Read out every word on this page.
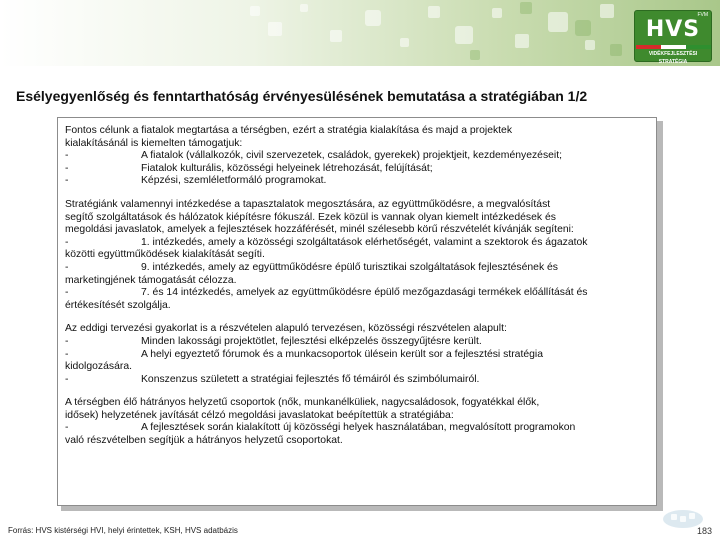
FVM
HVS
VIDÉKFEJLESZTÉSI STRATÉGIA
Esélyegyenlőség és fenntarthatóság érvényesülésének bemutatása a stratégiában 1/2
Fontos célunk a fiatalok megtartása a térségben, ezért a stratégia kialakítása és majd a projektek
kialakításánál is kiemelten támogatjuk:
-	A fiatalok (vállalkozók, civil szervezetek, családok, gyerekek) projektjeit, kezdeményezéseit;
-	Fiatalok kulturális, közösségi helyeinek létrehozását, felújítását;
-	Képzési, szemléletformáló programokat.
Stratégiánk valamennyi intézkedése a tapasztalatok megosztására, az együttműködésre, a megvalósítást
segítő szolgáltatások és hálózatok kiépítésre fókuszál. Ezek közül is vannak olyan kiemelt intézkedések és
megoldási javaslatok, amelyek a fejlesztések hozzáférését, minél szélesebb körű részvételét kívánják segíteni:
-	1. intézkedés, amely a közösségi szolgáltatások elérhetőségét, valamint a szektorok és ágazatok
közötti együttműködések kialakítását segíti.
-	9. intézkedés, amely az együttműködésre épülő turisztikai szolgáltatások fejlesztésének és
marketingjének támogatását célozza.
-	7. és 14 intézkedés, amelyek az együttműködésre épülő mezőgazdasági termékek előállítását és
értékesítését szolgálja.
Az eddigi tervezési gyakorlat is a részvételen alapuló tervezésen, közösségi részvételen alapult:
-	Minden lakossági projektötlet, fejlesztési elképzelés összegyűjtésre került.
-	A helyi egyeztető fórumok és a munkacsoportok ülésein került sor a fejlesztési stratégia
kidolgozására.
-	Konszenzus született a stratégiai fejlesztés fő témáiról és szimbólumairól.
A térségben élő hátrányos helyzetű csoportok (nők, munkanélküliek, nagycsaládosok, fogyatékkal élők,
idősek) helyzetének javítását célzó megoldási javaslatokat beépítettük a stratégiába:
-	A fejlesztések során kialakított új közösségi helyek használatában, megvalósított programokon
való részvételben segítjük a hátrányos helyzetű csoportokat.
Forrás: HVS kistérségi HVI, helyi érintettek, KSH, HVS adatbázis	183
